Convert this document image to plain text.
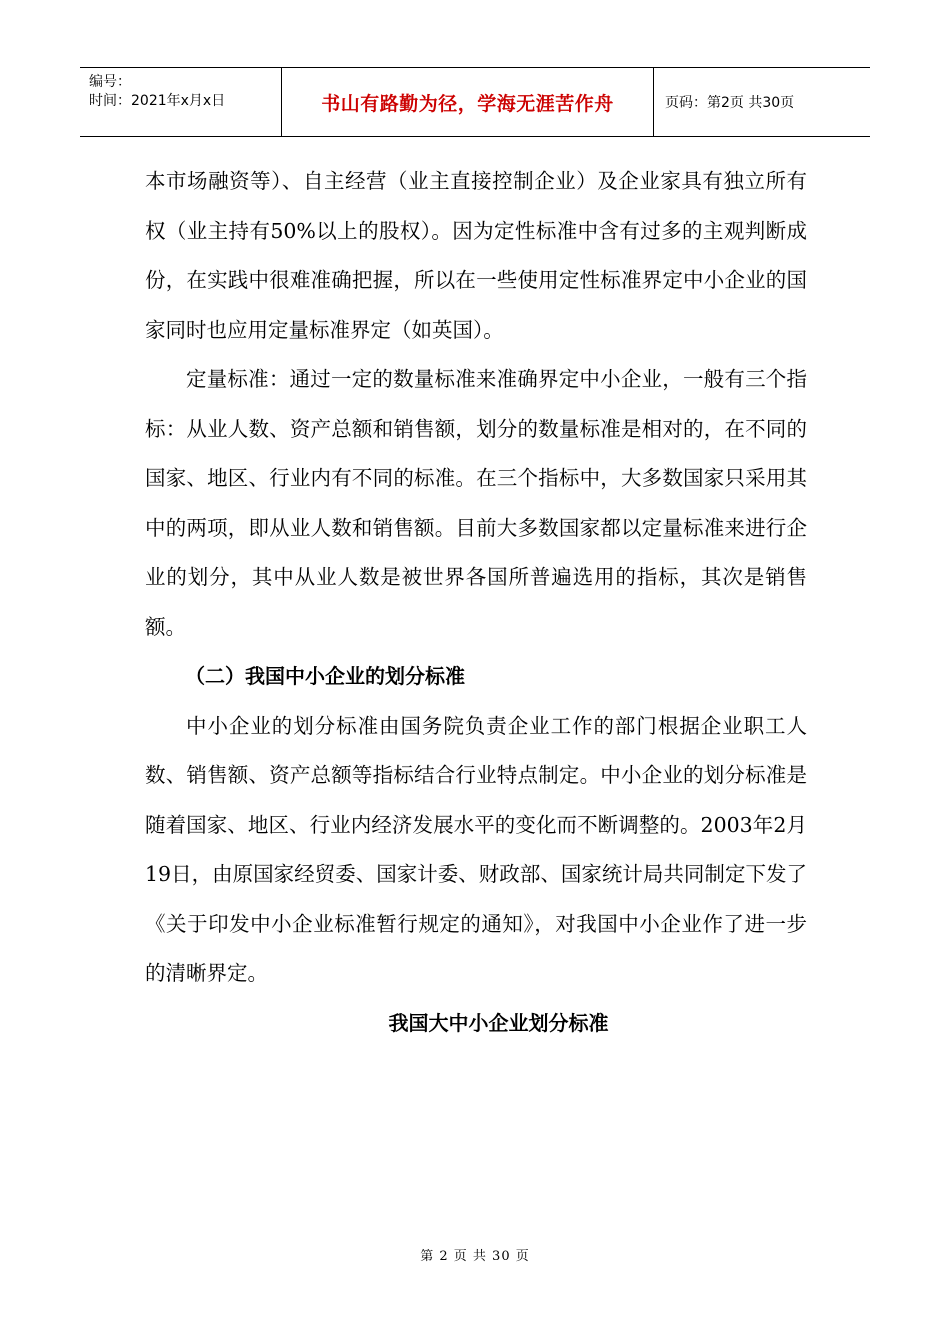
编号：
时间：2021年x月x日	书山有路勤为径，学海无涯苦作舟	页码：第2页 共30页

本市场融资等）、自主经营（业主直接控制企业）及企业家具有独立所有权（业主持有50%以上的股权）。因为定性标准中含有过多的主观判断成份，在实践中很难准确把握，所以在一些使用定性标准界定中小企业的国家同时也应用定量标准界定（如英国）。

定量标准：通过一定的数量标准来准确界定中小企业，一般有三个指标：从业人数、资产总额和销售额，划分的数量标准是相对的，在不同的国家、地区、行业内有不同的标准。在三个指标中，大多数国家只采用其中的两项，即从业人数和销售额。目前大多数国家都以定量标准来进行企业的划分，其中从业人数是被世界各国所普遍选用的指标，其次是销售额。

（二）我国中小企业的划分标准

中小企业的划分标准由国务院负责企业工作的部门根据企业职工人数、销售额、资产总额等指标结合行业特点制定。中小企业的划分标准是随着国家、地区、行业内经济发展水平的变化而不断调整的。2003年2月19日，由原国家经贸委、国家计委、财政部、国家统计局共同制定下发了《关于印发中小企业标准暂行规定的通知》，对我国中小企业作了进一步的清晰界定。

我国大中小企业划分标准

第 2 页 共 30 页
